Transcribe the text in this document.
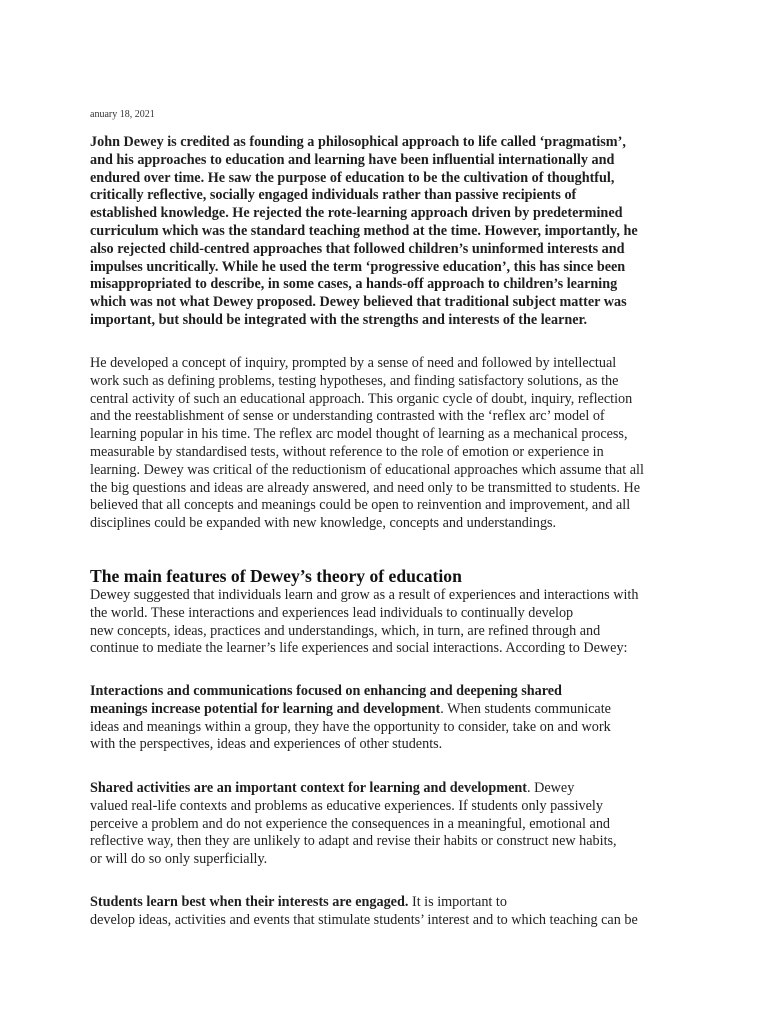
anuary 18, 2021

John Dewey is credited as founding a philosophical approach to life called ‘pragmatism’,
and his approaches to education and learning have been influential internationally and
endured over time. He saw the purpose of education to be the cultivation of thoughtful,
critically reflective, socially engaged individuals rather than passive recipients of
established knowledge. He rejected the rote-learning approach driven by predetermined
curriculum which was the standard teaching method at the time. However, importantly, he
also rejected child-centred approaches that followed children’s uninformed interests and
impulses uncritically. While he used the term ‘progressive education’, this has since been
misappropriated to describe, in some cases, a hands-off approach to children’s learning
which was not what Dewey proposed. Dewey believed that traditional subject matter was
important, but should be integrated with the strengths and interests of the learner.

He developed a concept of inquiry, prompted by a sense of need and followed by intellectual
work such as defining problems, testing hypotheses, and finding satisfactory solutions, as the
central activity of such an educational approach. This organic cycle of doubt, inquiry, reflection
and the reestablishment of sense or understanding contrasted with the ‘reflex arc’ model of
learning popular in his time. The reflex arc model thought of learning as a mechanical process,
measurable by standardised tests, without reference to the role of emotion or experience in
learning. Dewey was critical of the reductionism of educational approaches which assume that all
the big questions and ideas are already answered, and need only to be transmitted to students. He
believed that all concepts and meanings could be open to reinvention and improvement, and all
disciplines could be expanded with new knowledge, concepts and understandings.

The main features of Dewey’s theory of education

Dewey suggested that individuals learn and grow as a result of experiences and interactions with
the world. These interactions and experiences lead individuals to continually develop
new concepts, ideas, practices and understandings, which, in turn, are refined through and
continue to mediate the learner’s life experiences and social interactions. According to Dewey:

Interactions and communications focused on enhancing and deepening shared
meanings increase potential for learning and development. When students communicate
ideas and meanings within a group, they have the opportunity to consider, take on and work
with the perspectives, ideas and experiences of other students.

Shared activities are an important context for learning and development. Dewey
valued real-life contexts and problems as educative experiences. If students only passively
perceive a problem and do not experience the consequences in a meaningful, emotional and
reflective way, then they are unlikely to adapt and revise their habits or construct new habits,
or will do so only superficially.

Students learn best when their interests are engaged. It is important to
develop ideas, activities and events that stimulate students’ interest and to which teaching can be
